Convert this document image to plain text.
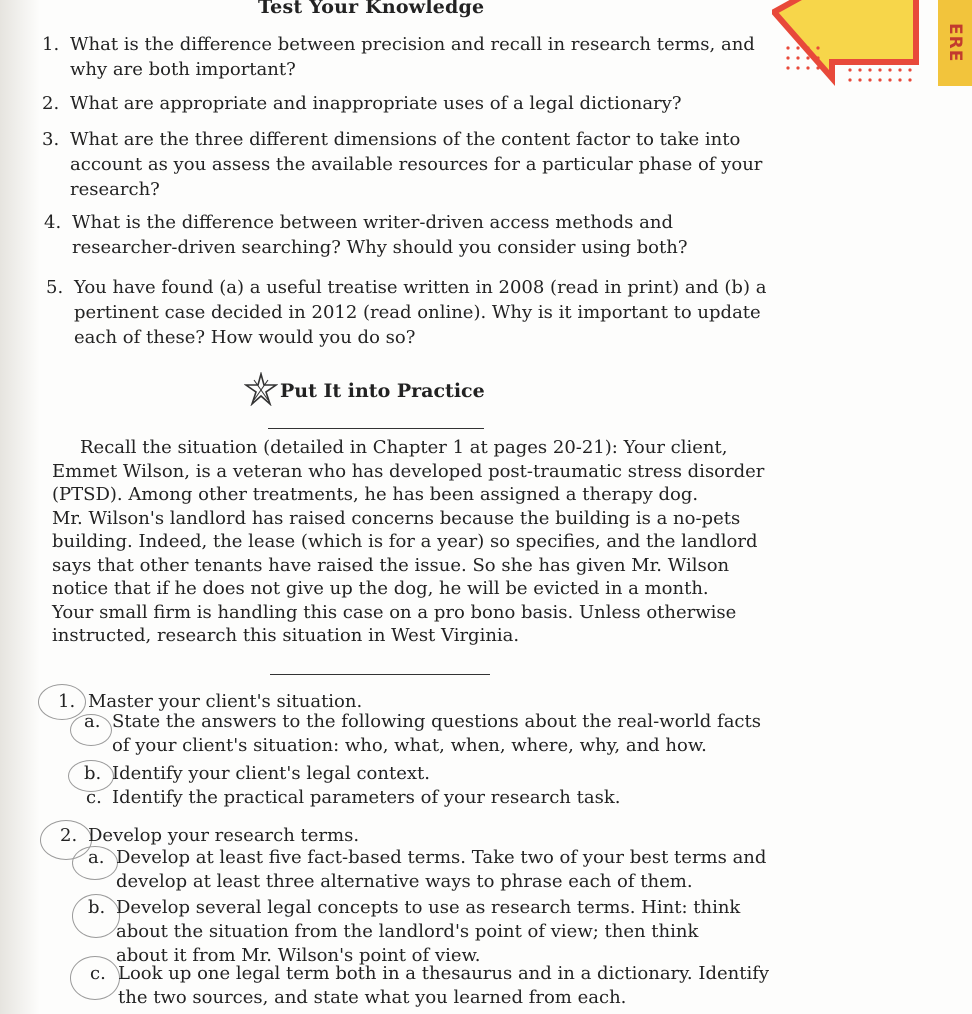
ERE
Test Your Knowledge
1. What is the difference between precision and recall in research terms, and
why are both important?
2. What are appropriate and inappropriate uses of a legal dictionary?
3. What are the three different dimensions of the content factor to take into
account as you assess the available resources for a particular phase of your
research?
4. What is the difference between writer-driven access methods and
researcher-driven searching? Why should you consider using both?
5. You have found (a) a useful treatise written in 2008 (read in print) and (b) a
pertinent case decided in 2012 (read online). Why is it important to update
each of these? How would you do so?
Put It into Practice
Recall the situation (detailed in Chapter 1 at pages 20-21): Your client,
Emmet Wilson, is a veteran who has developed post-traumatic stress disorder
(PTSD). Among other treatments, he has been assigned a therapy dog.
Mr. Wilson's landlord has raised concerns because the building is a no-pets
building. Indeed, the lease (which is for a year) so specifies, and the landlord
says that other tenants have raised the issue. So she has given Mr. Wilson
notice that if he does not give up the dog, he will be evicted in a month.
Your small firm is handling this case on a pro bono basis. Unless otherwise
instructed, research this situation in West Virginia.
1. Master your client's situation.
a. State the answers to the following questions about the real-world facts
of your client's situation: who, what, when, where, why, and how.
b. Identify your client's legal context.
c. Identify the practical parameters of your research task.
2. Develop your research terms.
a. Develop at least five fact-based terms. Take two of your best terms and
develop at least three alternative ways to phrase each of them.
b. Develop several legal concepts to use as research terms. Hint: think
about the situation from the landlord's point of view; then think
about it from Mr. Wilson's point of view.
c. Look up one legal term both in a thesaurus and in a dictionary. Identify
the two sources, and state what you learned from each.
